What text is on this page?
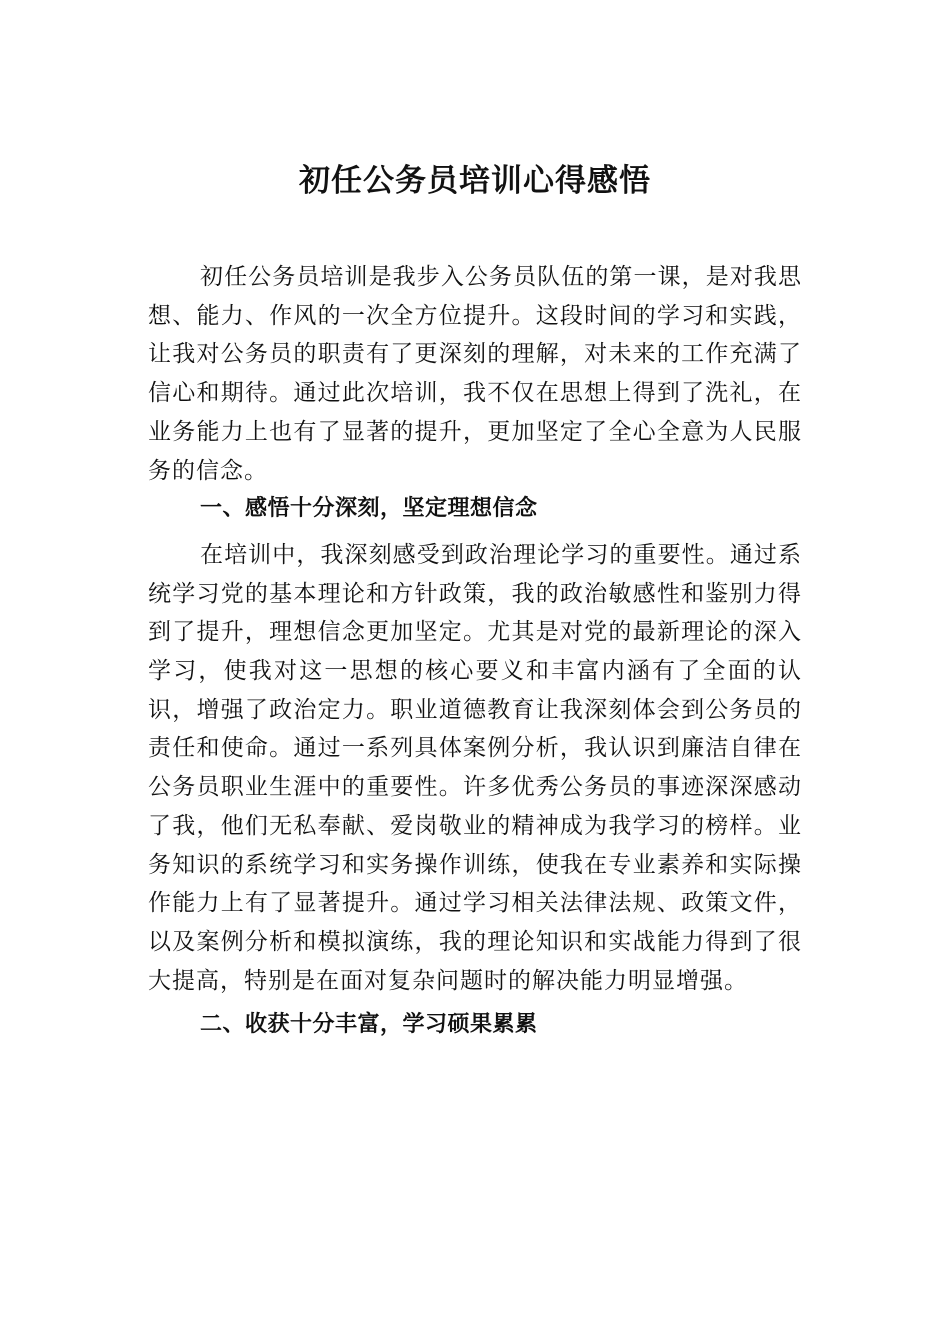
初任公务员培训心得感悟

初任公务员培训是我步入公务员队伍的第一课，是对我思想、能力、作风的一次全方位提升。这段时间的学习和实践，让我对公务员的职责有了更深刻的理解，对未来的工作充满了信心和期待。通过此次培训，我不仅在思想上得到了洗礼，在业务能力上也有了显著的提升，更加坚定了全心全意为人民服务的信念。

一、感悟十分深刻，坚定理想信念

在培训中，我深刻感受到政治理论学习的重要性。通过系统学习党的基本理论和方针政策，我的政治敏感性和鉴别力得到了提升，理想信念更加坚定。尤其是对党的最新理论的深入学习，使我对这一思想的核心要义和丰富内涵有了全面的认识，增强了政治定力。职业道德教育让我深刻体会到公务员的责任和使命。通过一系列具体案例分析，我认识到廉洁自律在公务员职业生涯中的重要性。许多优秀公务员的事迹深深感动了我，他们无私奉献、爱岗敬业的精神成为我学习的榜样。业务知识的系统学习和实务操作训练，使我在专业素养和实际操作能力上有了显著提升。通过学习相关法律法规、政策文件，以及案例分析和模拟演练，我的理论知识和实战能力得到了很大提高，特别是在面对复杂问题时的解决能力明显增强。

二、收获十分丰富，学习硕果累累
